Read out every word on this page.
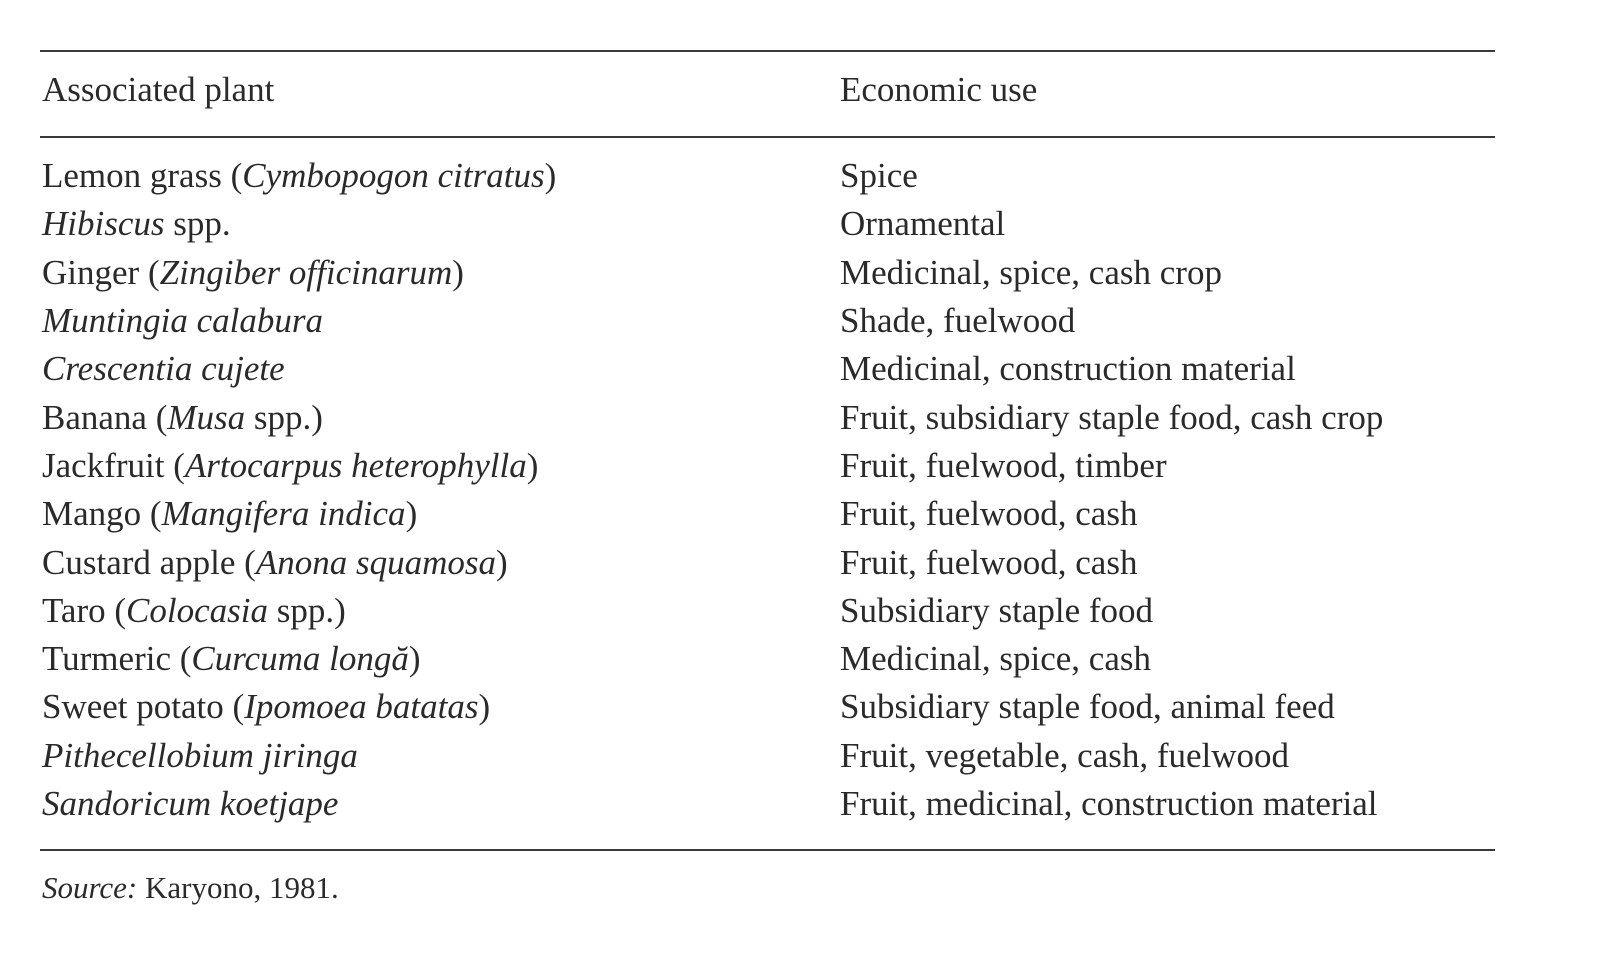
Associated plant	Economic use
Lemon grass (Cymbopogon citratus)	Spice
Hibiscus spp.	Ornamental
Ginger (Zingiber officinarum)	Medicinal, spice, cash crop
Muntingia calabura	Shade, fuelwood
Crescentia cujete	Medicinal, construction material
Banana (Musa spp.)	Fruit, subsidiary staple food, cash crop
Jackfruit (Artocarpus heterophylla)	Fruit, fuelwood, timber
Mango (Mangifera indica)	Fruit, fuelwood, cash
Custard apple (Anona squamosa)	Fruit, fuelwood, cash
Taro (Colocasia spp.)	Subsidiary staple food
Turmeric (Curcuma longă)	Medicinal, spice, cash
Sweet potato (Ipomoea batatas)	Subsidiary staple food, animal feed
Pithecellobium jiringa	Fruit, vegetable, cash, fuelwood
Sandoricum koetjape	Fruit, medicinal, construction material
Source: Karyono, 1981.
